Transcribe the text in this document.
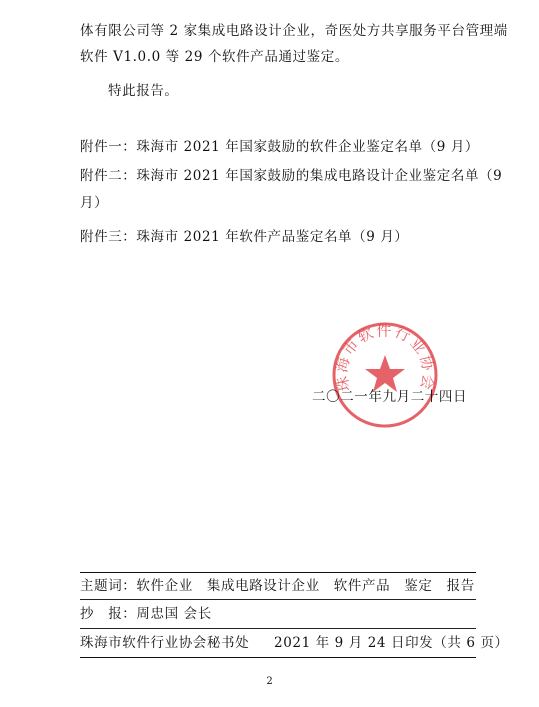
体有限公司等 2 家集成电路设计企业，奇医处方共享服务平台管理端
软件 V1.0.0 等 29 个软件产品通过鉴定。
特此报告。
附件一：珠海市 2021 年国家鼓励的软件企业鉴定名单（9 月）
附件二：珠海市 2021 年国家鼓励的集成电路设计企业鉴定名单（9
月）
附件三：珠海市 2021 年软件产品鉴定名单（9 月）
珠海市软件行业协会
二〇二一年九月二十四日
主题词：软件企业　集成电路设计企业　软件产品　鉴定　报告
抄　报：周忠国 会长
珠海市软件行业协会秘书处 2021 年 9 月 24 日印发（共 6 页）
2
